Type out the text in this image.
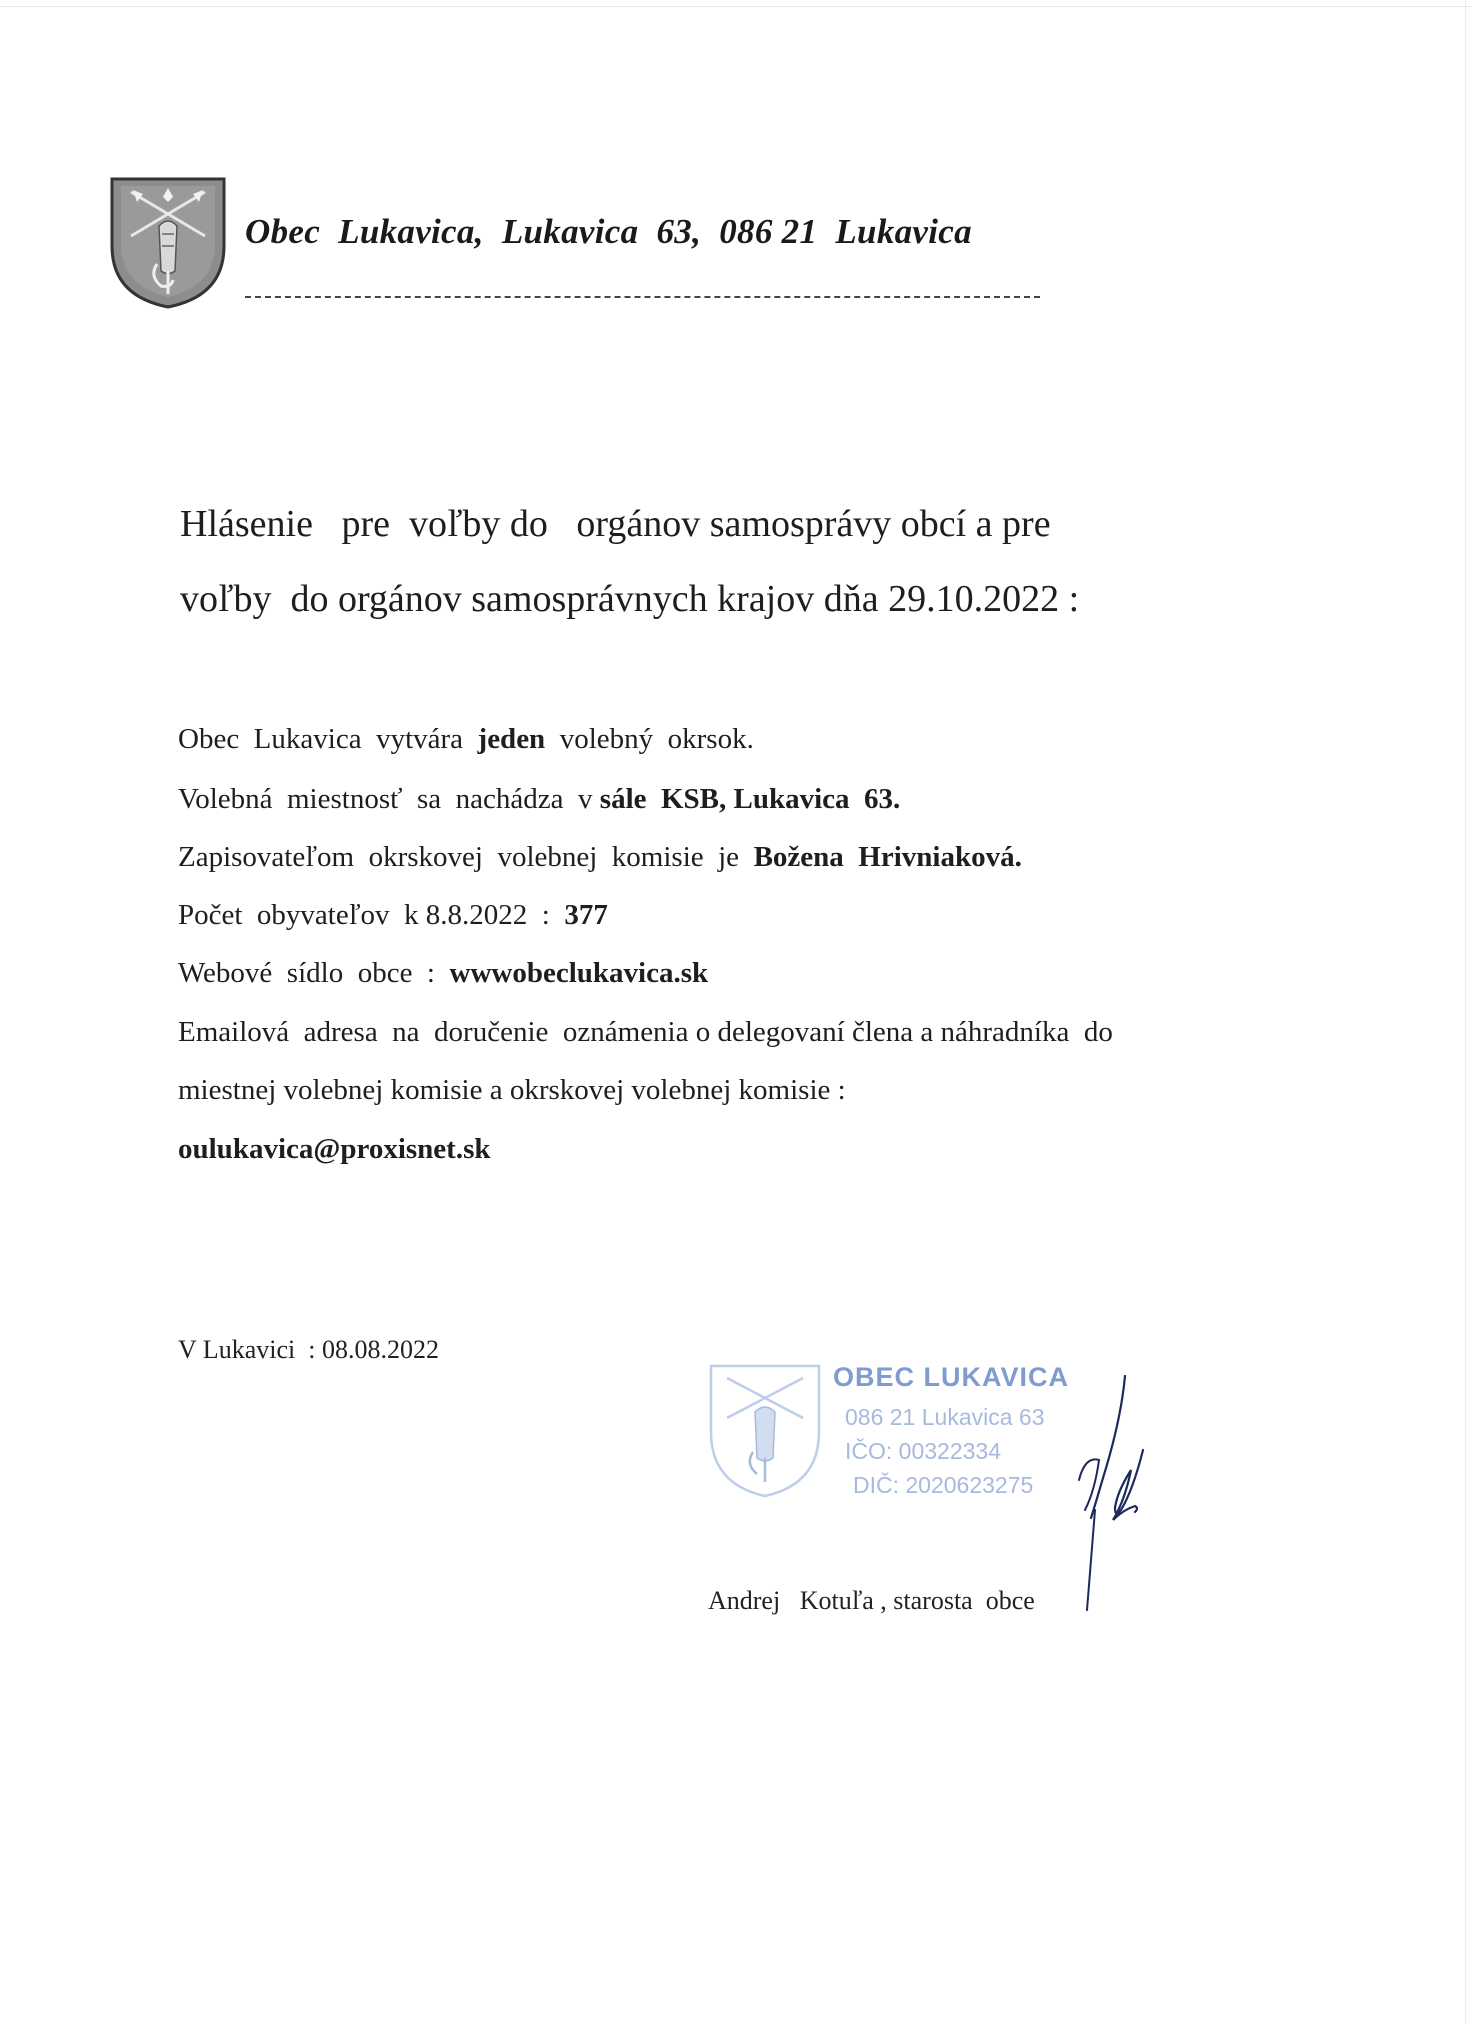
Obec  Lukavica,  Lukavica  63,  086 21  Lukavica
Hlásenie   pre  voľby do   orgánov samosprávy obcí a pre
voľby  do orgánov samosprávnych krajov dňa 29.10.2022 :
Obec  Lukavica  vytvára  jeden  volebný  okrsok.
Volebná  miestnosť  sa  nachádza  v sále  KSB, Lukavica  63.
Zapisovateľom  okrskovej  volebnej  komisie  je  Božena  Hrivniaková.
Počet  obyvateľov  k 8.8.2022  :  377
Webové  sídlo  obce  :  wwwobeclukavica.sk
Emailová  adresa  na  doručenie  oznámenia o delegovaní člena a náhradníka  do
miestnej volebnej komisie a okrskovej volebnej komisie :
oulukavica@proxisnet.sk
V Lukavici  : 08.08.2022
OBEC LUKAVICA
086 21 Lukavica 63
IČO: 00322334
DIČ: 2020623275
Andrej   Kotuľa , starosta  obce
